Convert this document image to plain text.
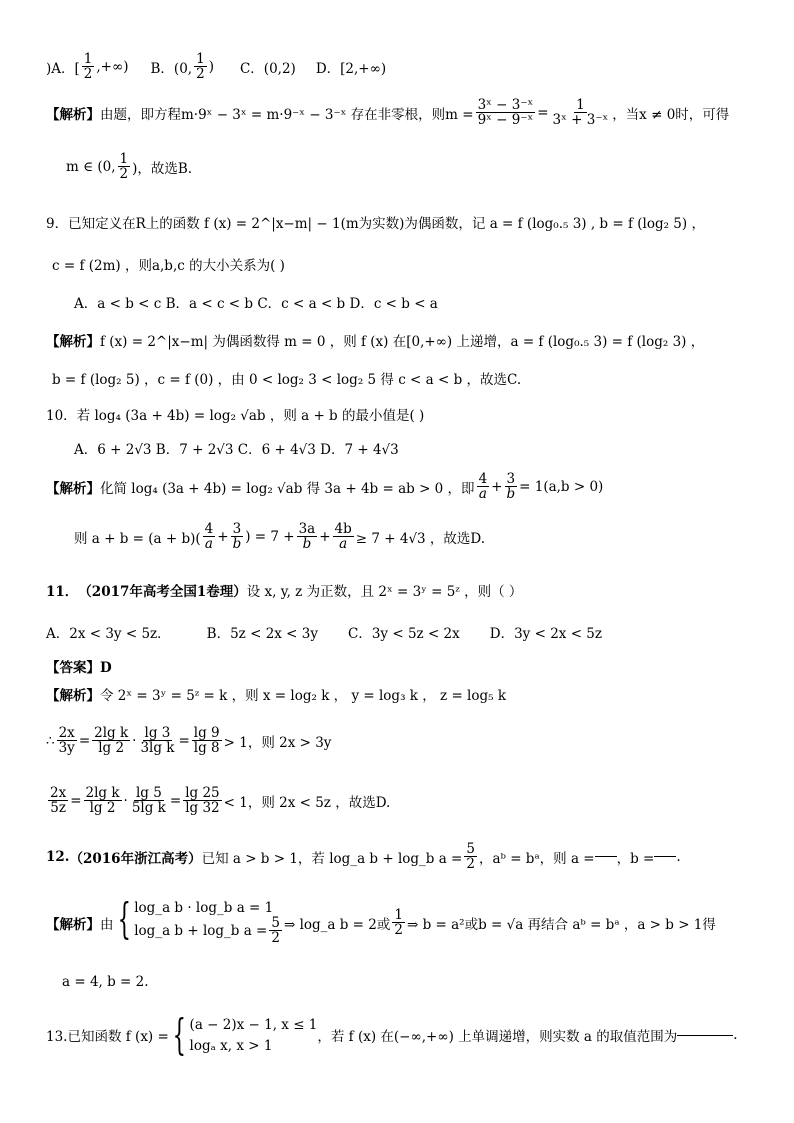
)A．[ $\frac{1}{2}$ ,+∞) B．(0, $\frac{1}{2}$ ) C．(0,2) D．[2,+∞)
【解析】 由题，即方程m·9ˣ − 3ˣ = m·9⁻ˣ − 3⁻ˣ 存在非零根，则$m = \frac{\text{3ˣ − 3⁻ˣ}}{\text{9ˣ − 9⁻ˣ}} = \frac{1}{\text{3ˣ + 3⁻ˣ}}$ ，当x ≠ 0时，可得
m ∈ (0, $\frac{1}{2}$ )，故选B.
9．已知定义在R上的函数 f (x) = 2^|x−m| − 1(m为实数)为偶函数，记 a = f (log₀.₅ 3) , b = f (log₂ 5) ，
c = f (2m) ，则a,b,c 的大小关系为( )
A．a < b < c B．a < c < b C．c < a < b D．c < b < a
【解析】 f (x) = 2^|x−m| 为偶函数得 m = 0 ，则 f (x) 在[0,+∞) 上递增，a = f (log₀.₅ 3) = f (log₂ 3) ，
b = f (log₂ 5) ，c = f (0) ，由 0 < log₂ 3 < log₂ 5 得 c < a < b ，故选C.
10．若 log₄ (3a + 4b) = log₂ √ab ，则 a + b 的最小值是( )
A．6 + 2√3 B．7 + 2√3 C．6 + 4√3 D．7 + 4√3
【解析】 化简 log₄ (3a + 4b) = log₂ √ab 得 3a + 4b = ab > 0 ，即 $\frac{4}{a} + \frac{3}{b} = 1(a,b > 0)$
则 $a + b = (a + b)( \frac{4}{a} + \frac{3}{b}$ ) = $7 + \frac{3a}{b} + \frac{4b}{a} \ge 7 + 4√3$ ，故选D.
11． （2017年高考全国1卷理） 设 x, y, z 为正数，且 2ˣ = 3ʸ = 5ᶻ ，则（ ）
A．2x < 3y < 5z．	B．5z < 2x < 3y C．3y < 5z < 2x D．3y < 2x < 5z
【答案】D
【解析】 令 2ˣ = 3ʸ = 5ᶻ = k ，则 x = log₂ k ， y = log₃ k ， z = log₅ k
∴ $\frac{2x}{3y} = \frac{\text{2lg k}}{\lg 2} \cdot \frac{\lg 3}{\text{3lg k}} = \frac{\lg 9}{\lg 8} > 1$，则 2x > 3y
$\frac{2x}{5z} = \frac{\text{2lg k}}{\lg 2} \cdot \frac{\lg 5}{\text{5lg k}} = \frac{\lg 25}{\lg 32} < 1$，则 2x < 5z ，故选D.
12. （2016年浙江高考） 已知 a > b > 1，若 log_a b + log_b $a = \frac{5}{2}$ ，aᵇ = bᵃ，则 a = ，b = .
【解析】 由 { log_a b · log_b a = 1
log_a b + log_b $a = \frac{5}{2}$ ⇒ log_a b = 2或 $\frac{1}{2}$ ⇒ b = a²或b = √a 再结合 aᵇ = bᵃ ，a > b > 1得
a = 4, b = 2.
13.已知函数 f (x) = { (a − 2)x − 1, x ≤ 1
logₐ x, x > 1
，若 f (x) 在(−∞,+∞) 上单调递增，则实数 a 的取值范围为	.
